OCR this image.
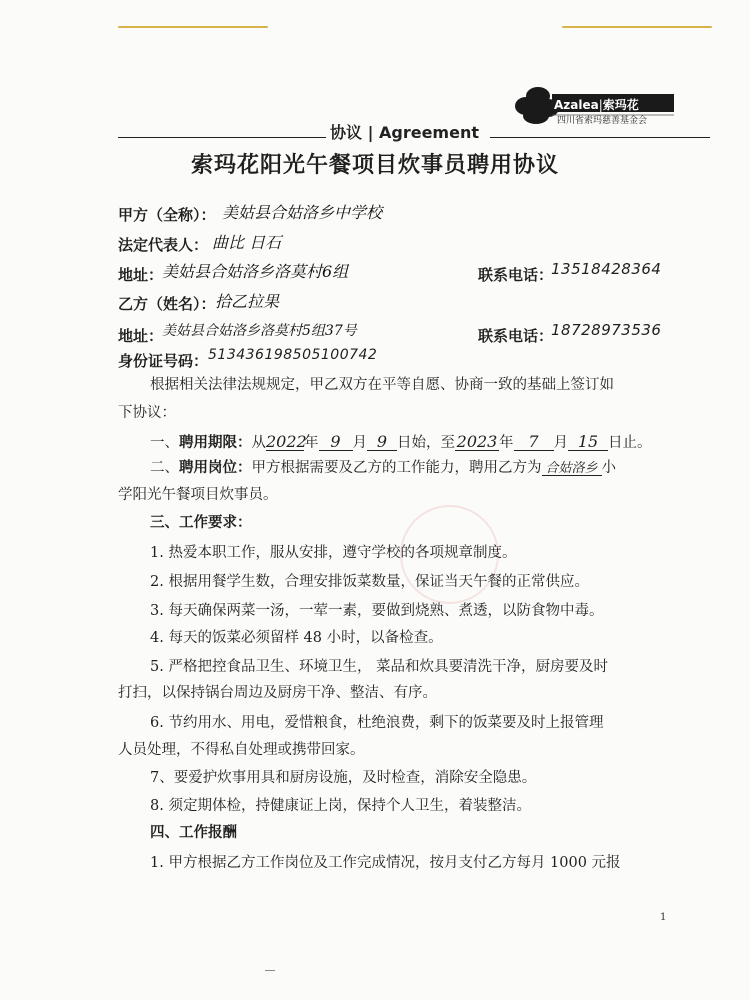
Azalea|索玛花
四川省索玛慈善基金会
协议 | Agreement
索玛花阳光午餐项目炊事员聘用协议
甲方（全称）： 美姑县合姑洛乡中学校
法定代表人： 曲比 日石
地址：
美姑县合姑洛乡洛莫村6组	联系电话：
13518428364
乙方（姓名）： 拾乙拉果
地址：
美姑县合姑洛乡洛莫村5组37号	联系电话：
18728973536
身份证号码： 513436198505100742
根据相关法律法规规定，甲乙双方在平等自愿、协商一致的基础上签订如
下协议：
一、聘用期限：从2022年 9 月 9 日始，至 2023 年 7 月 15 日止。
二、聘用岗位：甲方根据需要及乙方的工作能力，聘用乙方为 合姑洛乡 小
学阳光午餐项目炊事员。
三、工作要求：
1. 热爱本职工作，服从安排，遵守学校的各项规章制度。
2. 根据用餐学生数，合理安排饭菜数量，保证当天午餐的正常供应。
3. 每天确保两菜一汤，一荤一素，要做到烧熟、煮透，以防食物中毒。
4. 每天的饭菜必须留样 48 小时，以备检查。
5. 严格把控食品卫生、环境卫生， 菜品和炊具要清洗干净，厨房要及时
打扫，以保持锅台周边及厨房干净、整洁、有序。
6. 节约用水、用电，爱惜粮食，杜绝浪费，剩下的饭菜要及时上报管理
人员处理，不得私自处理或携带回家。
7、要爱护炊事用具和厨房设施，及时检查，消除安全隐患。
8. 须定期体检，持健康证上岗，保持个人卫生，着装整洁。
四、工作报酬
1. 甲方根据乙方工作岗位及工作完成情况，按月支付乙方每月 1000 元报
1
